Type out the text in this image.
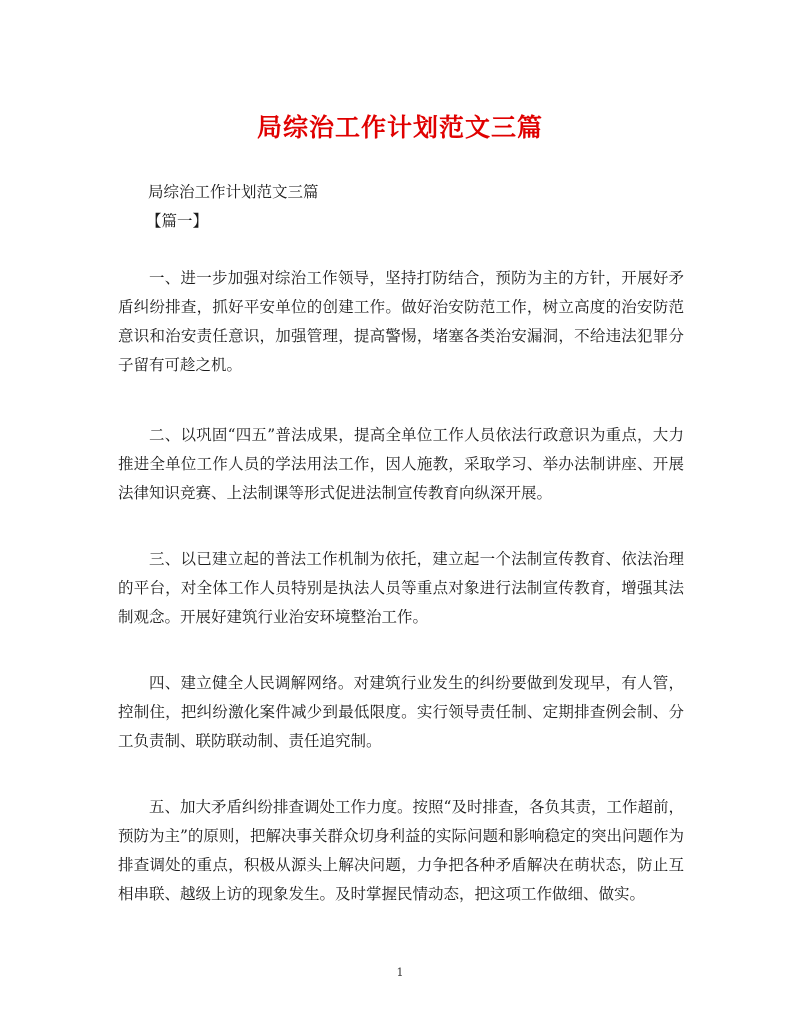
局综治工作计划范文三篇
局综治工作计划范文三篇
【篇一】

一、进一步加强对综治工作领导，坚持打防结合，预防为主的方针，开展好矛盾纠纷排查，抓好平安单位的创建工作。做好治安防范工作，树立高度的治安防范意识和治安责任意识，加强管理，提高警惕，堵塞各类治安漏洞，不给违法犯罪分子留有可趁之机。

二、以巩固“四五”普法成果，提高全单位工作人员依法行政意识为重点，大力推进全单位工作人员的学法用法工作，因人施教，采取学习、举办法制讲座、开展法律知识竞赛、上法制课等形式促进法制宣传教育向纵深开展。

三、以已建立起的普法工作机制为依托，建立起一个法制宣传教育、依法治理的平台，对全体工作人员特别是执法人员等重点对象进行法制宣传教育，增强其法制观念。开展好建筑行业治安环境整治工作。

四、建立健全人民调解网络。对建筑行业发生的纠纷要做到发现早，有人管，控制住，把纠纷激化案件减少到最低限度。实行领导责任制、定期排查例会制、分工负责制、联防联动制、责任追究制。

五、加大矛盾纠纷排查调处工作力度。按照“及时排查，各负其责，工作超前，预防为主”的原则，把解决事关群众切身利益的实际问题和影响稳定的突出问题作为排查调处的重点，积极从源头上解决问题，力争把各种矛盾解决在萌状态，防止互相串联、越级上访的现象发生。及时掌握民情动态，把这项工作做细、做实。

1
